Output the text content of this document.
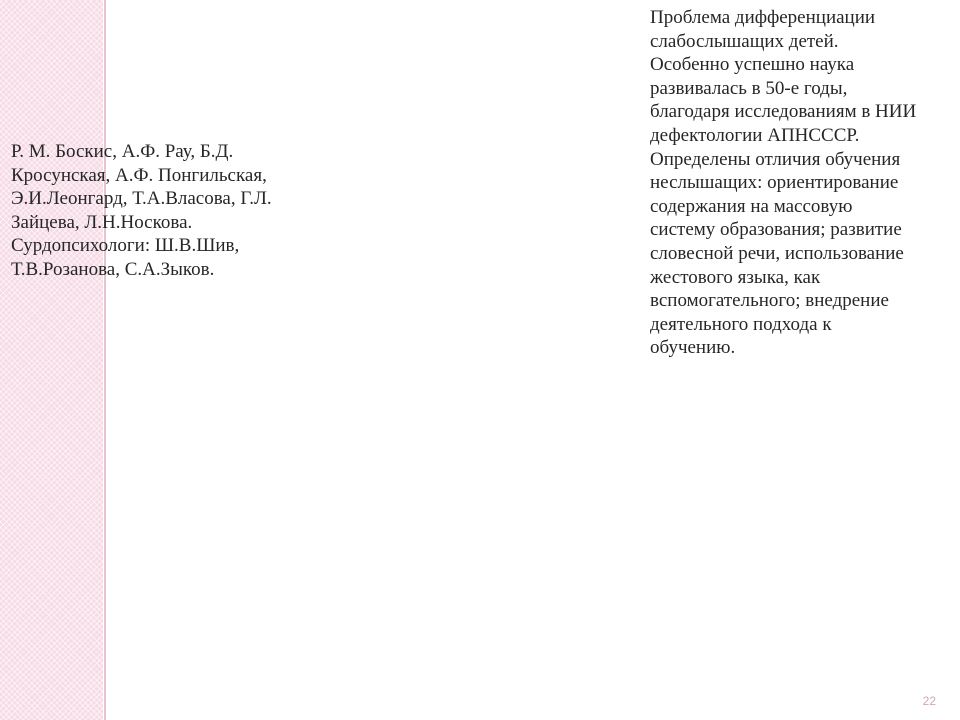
Р. М. Боскис, А.Ф. Рау, Б.Д.
Кросунская, А.Ф. Понгильская,
Э.И.Леонгард, Т.А.Власова, Г.Л.
Зайцева, Л.Н.Носкова.
Сурдопсихологи: Ш.В.Шив,
Т.В.Розанова, С.А.Зыков.
Проблема дифференциации
слабослышащих детей.
Особенно успешно наука
развивалась в 50-е годы,
благодаря исследованиям в НИИ
дефектологии АПНСССР.
Определены отличия обучения
неслышащих: ориентирование
содержания на массовую
систему образования; развитие
словесной речи, использование
жестового языка, как
вспомогательного; внедрение
деятельного подхода к
обучению.
22
